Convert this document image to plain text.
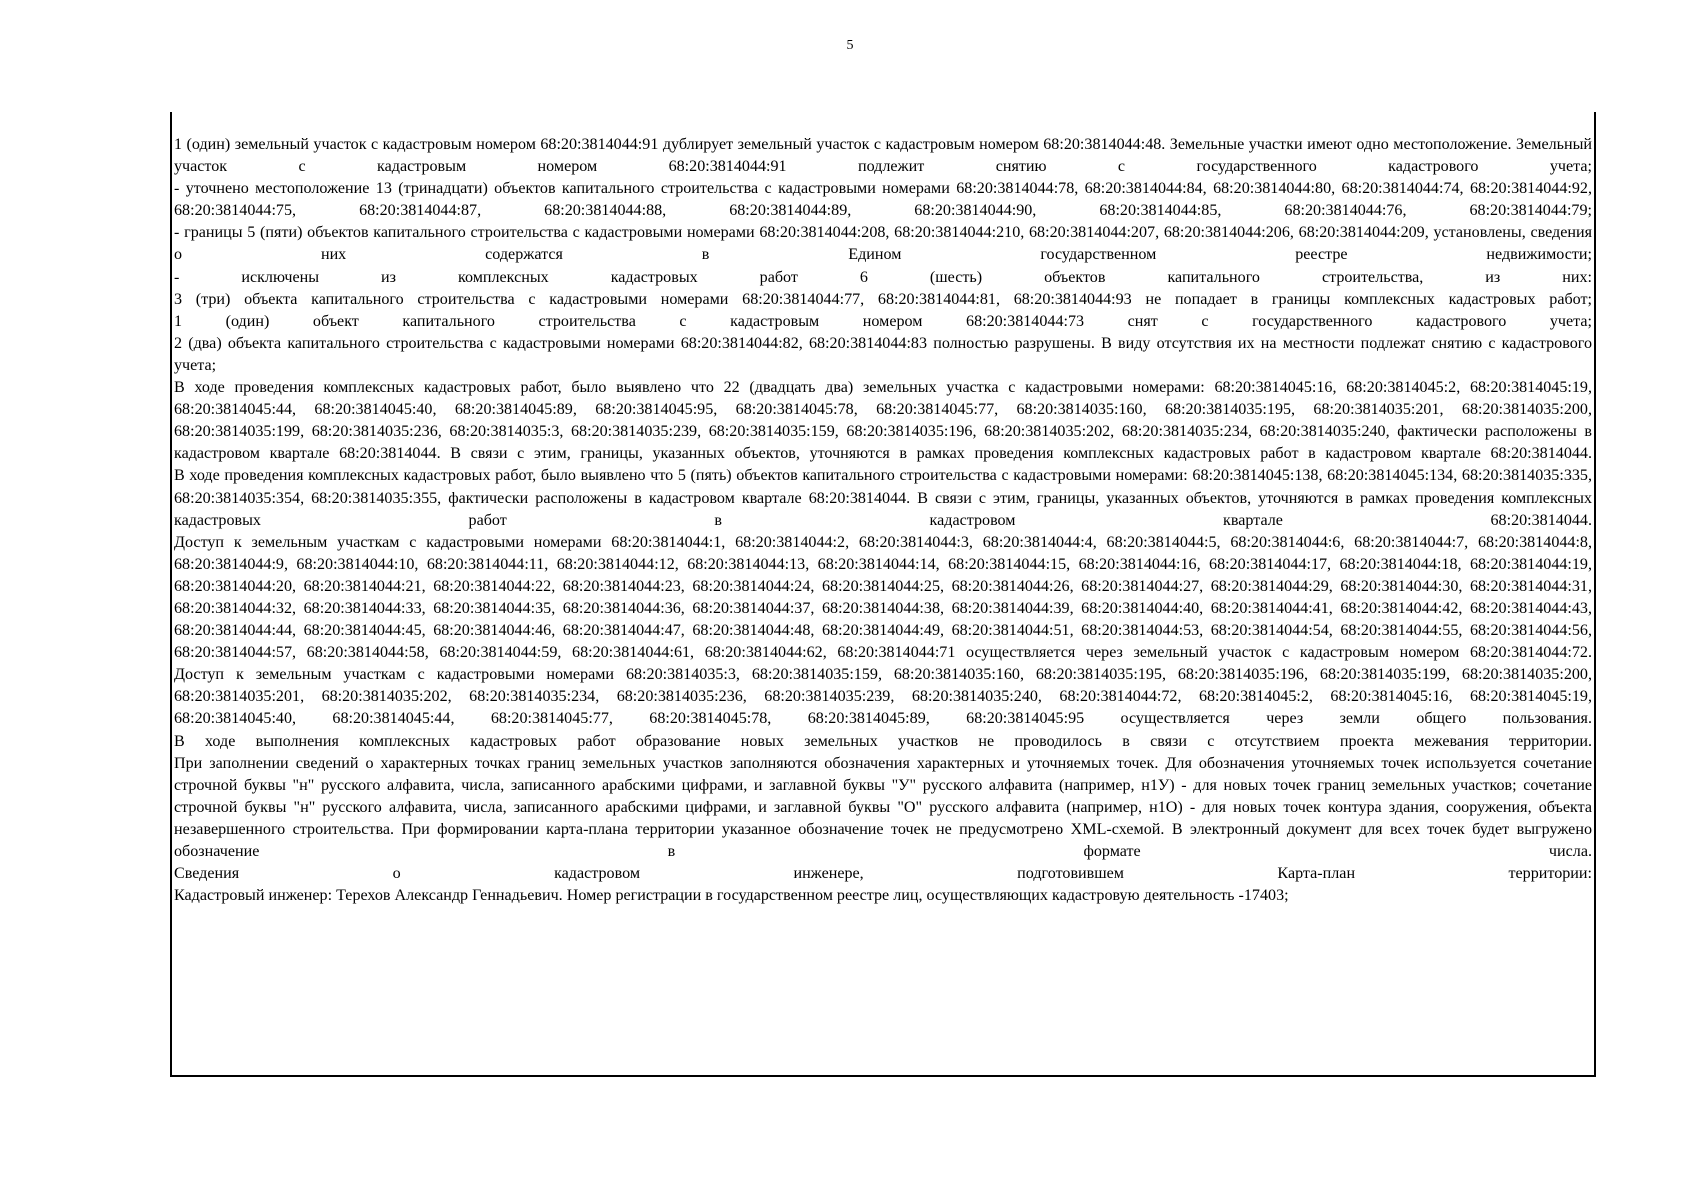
5

1 (один) земельный участок с кадастровым номером 68:20:3814044:91 дублирует земельный участок с кадастровым номером 68:20:3814044:48. Земельные участки имеют одно местоположение. Земельный участок с кадастровым номером 68:20:3814044:91 подлежит снятию с государственного кадастрового учета;

- уточнено местоположение 13 (тринадцати) объектов капитального строительства с кадастровыми номерами 68:20:3814044:78, 68:20:3814044:84, 68:20:3814044:80, 68:20:3814044:74, 68:20:3814044:92, 68:20:3814044:75, 68:20:3814044:87, 68:20:3814044:88, 68:20:3814044:89, 68:20:3814044:90, 68:20:3814044:85, 68:20:3814044:76, 68:20:3814044:79;

- границы 5 (пяти) объектов капитального строительства с кадастровыми номерами 68:20:3814044:208, 68:20:3814044:210, 68:20:3814044:207, 68:20:3814044:206, 68:20:3814044:209, установлены, сведения о них содержатся в Едином государственном реестре недвижимости;

- исключены из комплексных кадастровых работ 6 (шесть) объектов капитального строительства, из них:

3 (три) объекта капитального строительства с кадастровыми номерами 68:20:3814044:77, 68:20:3814044:81, 68:20:3814044:93 не попадает в границы комплексных кадастровых работ;

1 (один) объект капитального строительства с кадастровым номером 68:20:3814044:73 снят с государственного кадастрового учета;

2 (два) объекта капитального строительства с кадастровыми номерами 68:20:3814044:82, 68:20:3814044:83 полностью разрушены. В виду отсутствия их на местности подлежат снятию с кадастрового учета;

В ходе проведения комплексных кадастровых работ, было выявлено что 22 (двадцать два) земельных участка с кадастровыми номерами: 68:20:3814045:16, 68:20:3814045:2, 68:20:3814045:19, 68:20:3814045:44, 68:20:3814045:40, 68:20:3814045:89, 68:20:3814045:95, 68:20:3814045:78, 68:20:3814045:77, 68:20:3814035:160, 68:20:3814035:195, 68:20:3814035:201, 68:20:3814035:200, 68:20:3814035:199, 68:20:3814035:236, 68:20:3814035:3, 68:20:3814035:239, 68:20:3814035:159, 68:20:3814035:196, 68:20:3814035:202, 68:20:3814035:234, 68:20:3814035:240, фактически расположены в кадастровом квартале 68:20:3814044. В связи с этим, границы, указанных объектов, уточняются в рамках проведения комплексных кадастровых работ в кадастровом квартале 68:20:3814044.

В ходе проведения комплексных кадастровых работ, было выявлено что 5 (пять) объектов капитального строительства с кадастровыми номерами: 68:20:3814045:138, 68:20:3814045:134, 68:20:3814035:335, 68:20:3814035:354, 68:20:3814035:355, фактически расположены в кадастровом квартале 68:20:3814044. В связи с этим, границы, указанных объектов, уточняются в рамках проведения комплексных кадастровых работ в кадастровом квартале 68:20:3814044.

Доступ к земельным участкам с кадастровыми номерами 68:20:3814044:1, 68:20:3814044:2, 68:20:3814044:3, 68:20:3814044:4, 68:20:3814044:5, 68:20:3814044:6, 68:20:3814044:7, 68:20:3814044:8, 68:20:3814044:9, 68:20:3814044:10, 68:20:3814044:11, 68:20:3814044:12, 68:20:3814044:13, 68:20:3814044:14, 68:20:3814044:15, 68:20:3814044:16, 68:20:3814044:17, 68:20:3814044:18, 68:20:3814044:19, 68:20:3814044:20, 68:20:3814044:21, 68:20:3814044:22, 68:20:3814044:23, 68:20:3814044:24, 68:20:3814044:25, 68:20:3814044:26, 68:20:3814044:27, 68:20:3814044:29, 68:20:3814044:30, 68:20:3814044:31, 68:20:3814044:32, 68:20:3814044:33, 68:20:3814044:35, 68:20:3814044:36, 68:20:3814044:37, 68:20:3814044:38, 68:20:3814044:39, 68:20:3814044:40, 68:20:3814044:41, 68:20:3814044:42, 68:20:3814044:43, 68:20:3814044:44, 68:20:3814044:45, 68:20:3814044:46, 68:20:3814044:47, 68:20:3814044:48, 68:20:3814044:49, 68:20:3814044:51, 68:20:3814044:53, 68:20:3814044:54, 68:20:3814044:55, 68:20:3814044:56, 68:20:3814044:57, 68:20:3814044:58, 68:20:3814044:59, 68:20:3814044:61, 68:20:3814044:62, 68:20:3814044:71 осуществляется через земельный участок с кадастровым номером 68:20:3814044:72.

Доступ к земельным участкам с кадастровыми номерами 68:20:3814035:3, 68:20:3814035:159, 68:20:3814035:160, 68:20:3814035:195, 68:20:3814035:196, 68:20:3814035:199, 68:20:3814035:200, 68:20:3814035:201, 68:20:3814035:202, 68:20:3814035:234, 68:20:3814035:236, 68:20:3814035:239, 68:20:3814035:240, 68:20:3814044:72, 68:20:3814045:2, 68:20:3814045:16, 68:20:3814045:19, 68:20:3814045:40, 68:20:3814045:44, 68:20:3814045:77, 68:20:3814045:78, 68:20:3814045:89, 68:20:3814045:95 осуществляется через земли общего пользования.

В ходе выполнения комплексных кадастровых работ образование новых земельных участков не проводилось в связи с отсутствием проекта межевания территории.

При заполнении сведений о характерных точках границ земельных участков заполняются обозначения характерных и уточняемых точек. Для обозначения уточняемых точек используется сочетание строчной буквы "н" русского алфавита, числа, записанного арабскими цифрами, и заглавной буквы "У" русского алфавита (например, н1У) - для новых точек границ земельных участков; сочетание строчной буквы "н" русского алфавита, числа, записанного арабскими цифрами, и заглавной буквы "О" русского алфавита (например, н1О) - для новых точек контура здания, сооружения, объекта незавершенного строительства. При формировании карта-плана территории указанное обозначение точек не предусмотрено XML-схемой. В электронный документ для всех точек будет выгружено обозначение в формате числа.

Сведения о кадастровом инженере, подготовившем Карта-план территории:

Кадастровый инженер: Терехов Александр Геннадьевич. Номер регистрации в государственном реестре лиц, осуществляющих кадастровую деятельность -17403;
